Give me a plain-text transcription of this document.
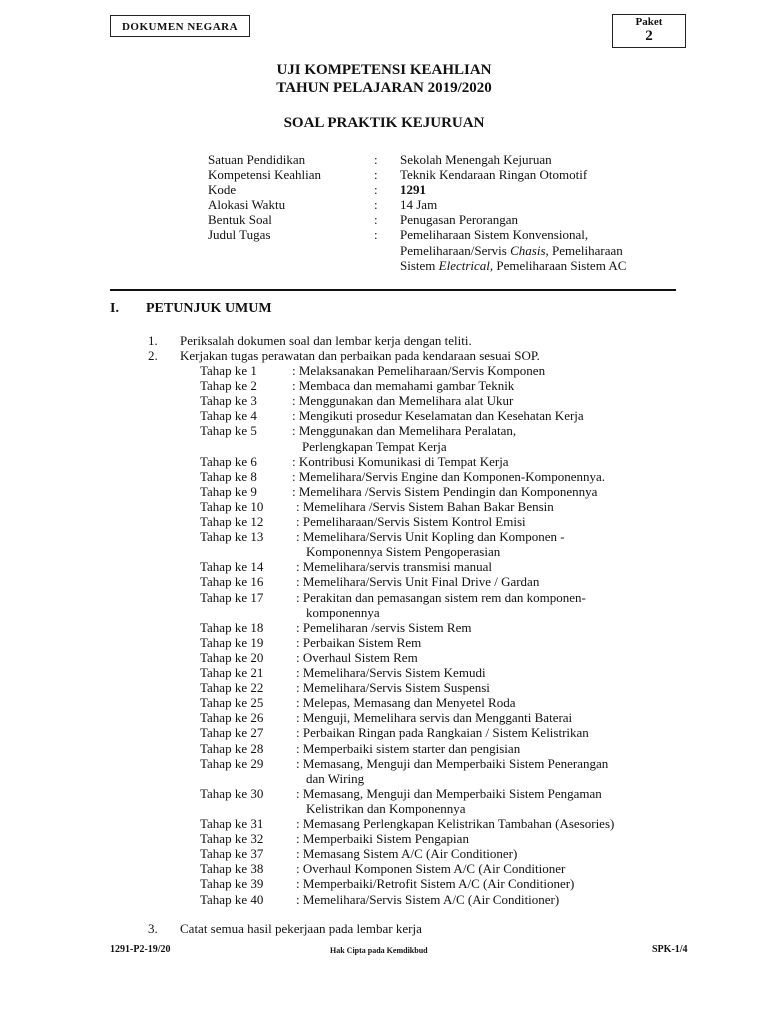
DOKUMEN NEGARA	Paket
2
UJI KOMPETENSI KEAHLIAN
TAHUN PELAJARAN 2019/2020
SOAL PRAKTIK KEJURUAN
Satuan Pendidikan	: Sekolah Menengah Kejuruan
Kompetensi Keahlian	: Teknik Kendaraan Ringan Otomotif
Kode	: 1291
Alokasi Waktu	: 14 Jam
Bentuk Soal	: Penugasan Perorangan
Judul Tugas	: Pemeliharaan Sistem Konvensional,
Pemeliharaan/Servis Chasis, Pemeliharaan
Sistem Electrical, Pemeliharaan Sistem AC
I. PETUNJUK UMUM
1. Periksalah dokumen soal dan lembar kerja dengan teliti.
2. Kerjakan tugas perawatan dan perbaikan pada kendaraan sesuai SOP.
Tahap ke 1	: Melaksanakan Pemeliharaan/Servis Komponen
Tahap ke 2	: Membaca dan memahami gambar Teknik
Tahap ke 3	: Menggunakan dan Memelihara alat Ukur
Tahap ke 4	: Mengikuti prosedur Keselamatan dan Kesehatan Kerja
Tahap ke 5	: Menggunakan dan Memelihara Peralatan,
Perlengkapan Tempat Kerja
Tahap ke 6	: Kontribusi Komunikasi di Tempat Kerja
Tahap ke 8	: Memelihara/Servis Engine dan Komponen-Komponennya.
Tahap ke 9	: Memelihara /Servis Sistem Pendingin dan Komponennya
Tahap ke 10	: Memelihara /Servis Sistem Bahan Bakar Bensin
Tahap ke 12	: Pemeliharaan/Servis Sistem Kontrol Emisi
Tahap ke 13	: Memelihara/Servis Unit Kopling dan Komponen -
Komponennya Sistem Pengoperasian
Tahap ke 14	: Memelihara/servis transmisi manual
Tahap ke 16	: Memelihara/Servis Unit Final Drive / Gardan
Tahap ke 17	: Perakitan dan pemasangan sistem rem dan komponen-
komponennya
Tahap ke 18	: Pemeliharan /servis Sistem Rem
Tahap ke 19	: Perbaikan Sistem Rem
Tahap ke 20	: Overhaul Sistem Rem
Tahap ke 21	: Memelihara/Servis Sistem Kemudi
Tahap ke 22	: Memelihara/Servis Sistem Suspensi
Tahap ke 25	: Melepas, Memasang dan Menyetel Roda
Tahap ke 26	: Menguji, Memelihara servis dan Mengganti Baterai
Tahap ke 27	: Perbaikan Ringan pada Rangkaian / Sistem Kelistrikan
Tahap ke 28	: Memperbaiki sistem starter dan pengisian
Tahap ke 29	: Memasang, Menguji dan Memperbaiki Sistem Penerangan
dan Wiring
Tahap ke 30	: Memasang, Menguji dan Memperbaiki Sistem Pengaman
Kelistrikan dan Komponennya
Tahap ke 31	: Memasang Perlengkapan Kelistrikan Tambahan (Asesories)
Tahap ke 32	: Memperbaiki Sistem Pengapian
Tahap ke 37	: Memasang Sistem A/C (Air Conditioner)
Tahap ke 38	: Overhaul Komponen Sistem A/C (Air Conditioner
Tahap ke 39	: Memperbaiki/Retrofit Sistem A/C (Air Conditioner)
Tahap ke 40	: Memelihara/Servis Sistem A/C (Air Conditioner)
3. Catat semua hasil pekerjaan pada lembar kerja
1291-P2-19/20	Hak Cipta pada Kemdikbud	SPK-1/4
